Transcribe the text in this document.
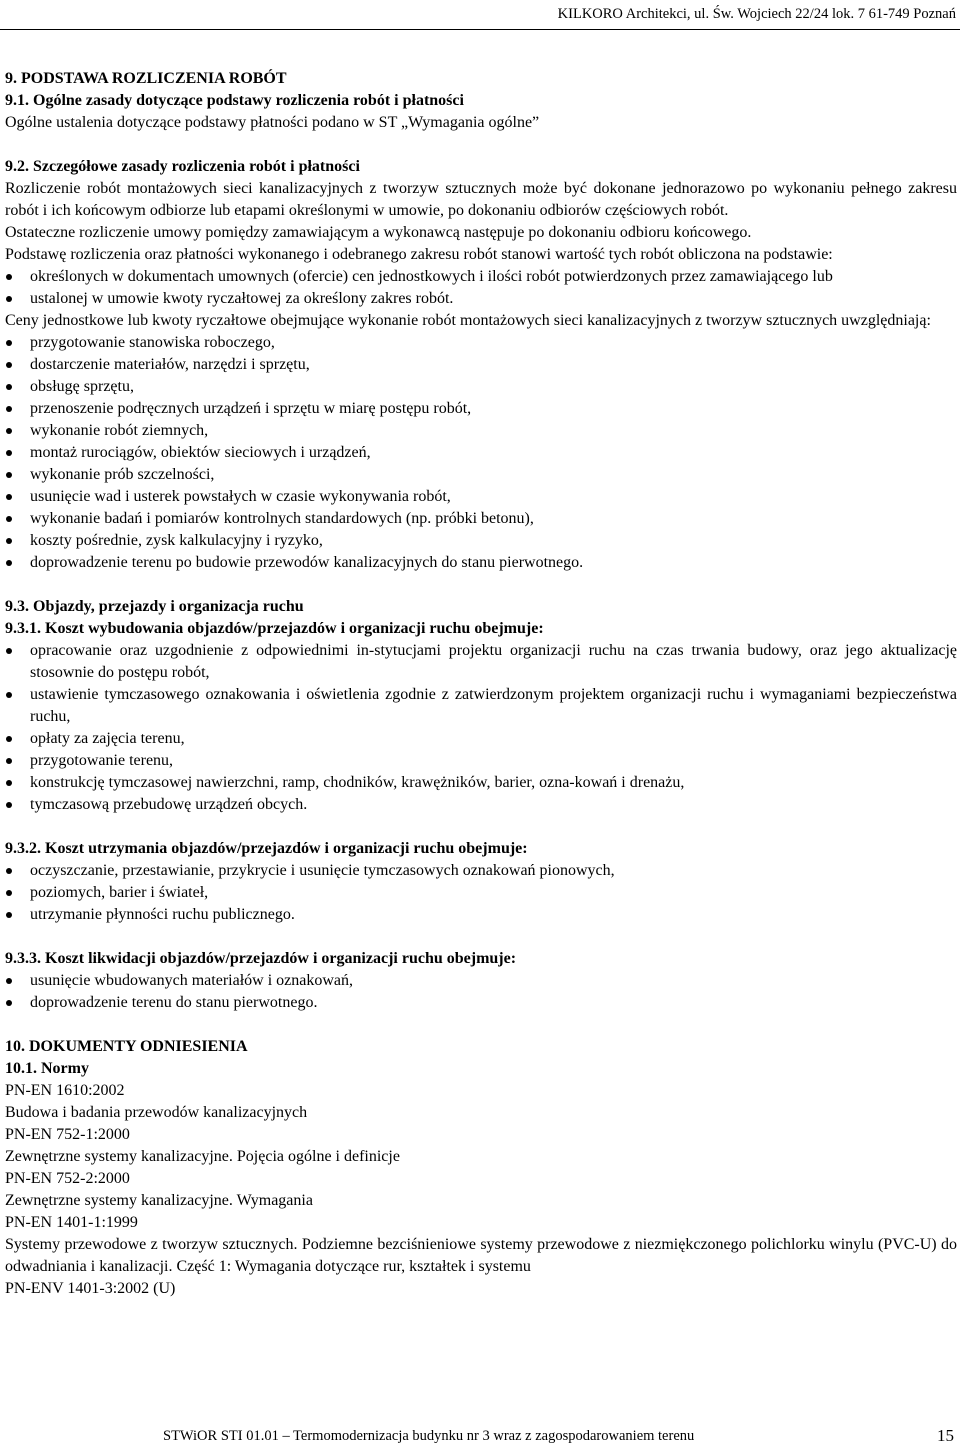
KILKORO Architekci, ul. Św. Wojciech 22/24 lok. 7 61-749 Poznań

9. PODSTAWA ROZLICZENIA ROBÓT

9.1. Ogólne zasady dotyczące podstawy rozliczenia robót i płatności

Ogólne ustalenia dotyczące podstawy płatności podano w ST „Wymagania ogólne”

9.2. Szczegółowe zasady rozliczenia robót i płatności

Rozliczenie robót montażowych sieci kanalizacyjnych z tworzyw sztucznych może być dokonane jednorazowo po wykonaniu pełnego zakresu robót i ich końcowym odbiorze lub etapami określonymi w umowie, po dokonaniu odbiorów częściowych robót.

Ostateczne rozliczenie umowy pomiędzy zamawiającym a wykonawcą następuje po dokonaniu odbioru końcowego.

Podstawę rozliczenia oraz płatności wykonanego i odebranego zakresu robót stanowi wartość tych robót obliczona na podstawie:

określonych w dokumentach umownych (ofercie) cen jednostkowych i ilości robót potwierdzonych przez zamawiającego lub
ustalonej w umowie kwoty ryczałtowej za określony zakres robót.

Ceny jednostkowe lub kwoty ryczałtowe obejmujące wykonanie robót montażowych sieci kanalizacyjnych z tworzyw sztucznych uwzględniają:

przygotowanie stanowiska roboczego,
dostarczenie materiałów, narzędzi i sprzętu,
obsługę sprzętu,
przenoszenie podręcznych urządzeń i sprzętu w miarę postępu robót,
wykonanie robót ziemnych,
montaż rurociągów, obiektów sieciowych i urządzeń,
wykonanie prób szczelności,
usunięcie wad i usterek powstałych w czasie wykonywania robót,
wykonanie badań i pomiarów kontrolnych standardowych (np. próbki betonu),
koszty pośrednie, zysk kalkulacyjny i ryzyko,
doprowadzenie terenu po budowie przewodów kanalizacyjnych do stanu pierwotnego.

9.3. Objazdy, przejazdy i organizacja ruchu

9.3.1. Koszt wybudowania objazdów/przejazdów i organizacji ruchu obejmuje:

opracowanie oraz uzgodnienie z odpowiednimi in-stytucjami projektu organizacji ruchu na czas trwania budowy, oraz jego aktualizację stosownie do postępu robót,
ustawienie tymczasowego oznakowania i oświetlenia zgodnie z zatwierdzonym projektem organizacji ruchu i wymaganiami bezpieczeństwa ruchu,
opłaty za zajęcia terenu,
przygotowanie terenu,
konstrukcję tymczasowej nawierzchni, ramp, chodników, krawężników, barier, ozna-kowań i drenażu,
tymczasową przebudowę urządzeń obcych.

9.3.2. Koszt utrzymania objazdów/przejazdów i organizacji ruchu obejmuje:

oczyszczanie, przestawianie, przykrycie i usunięcie tymczasowych oznakowań pionowych,
poziomych, barier i świateł,
utrzymanie płynności ruchu publicznego.

9.3.3. Koszt likwidacji objazdów/przejazdów i organizacji ruchu obejmuje:

usunięcie wbudowanych materiałów i oznakowań,
doprowadzenie terenu do stanu pierwotnego.

10. DOKUMENTY ODNIESIENIA

10.1. Normy

PN-EN 1610:2002

Budowa i badania przewodów kanalizacyjnych

PN-EN 752-1:2000

Zewnętrzne systemy kanalizacyjne. Pojęcia ogólne i definicje

PN-EN 752-2:2000

Zewnętrzne systemy kanalizacyjne. Wymagania

PN-EN 1401-1:1999

Systemy przewodowe z tworzyw sztucznych. Podziemne bezciśnieniowe systemy przewodowe z niezmiękczonego polichlorku winylu (PVC-U) do odwadniania i kanalizacji. Część 1: Wymagania dotyczące rur, kształtek i systemu

PN-ENV 1401-3:2002 (U)

STWiOR STI 01.01 – Termomodernizacja budynku nr 3 wraz z zagospodarowaniem terenu	15
